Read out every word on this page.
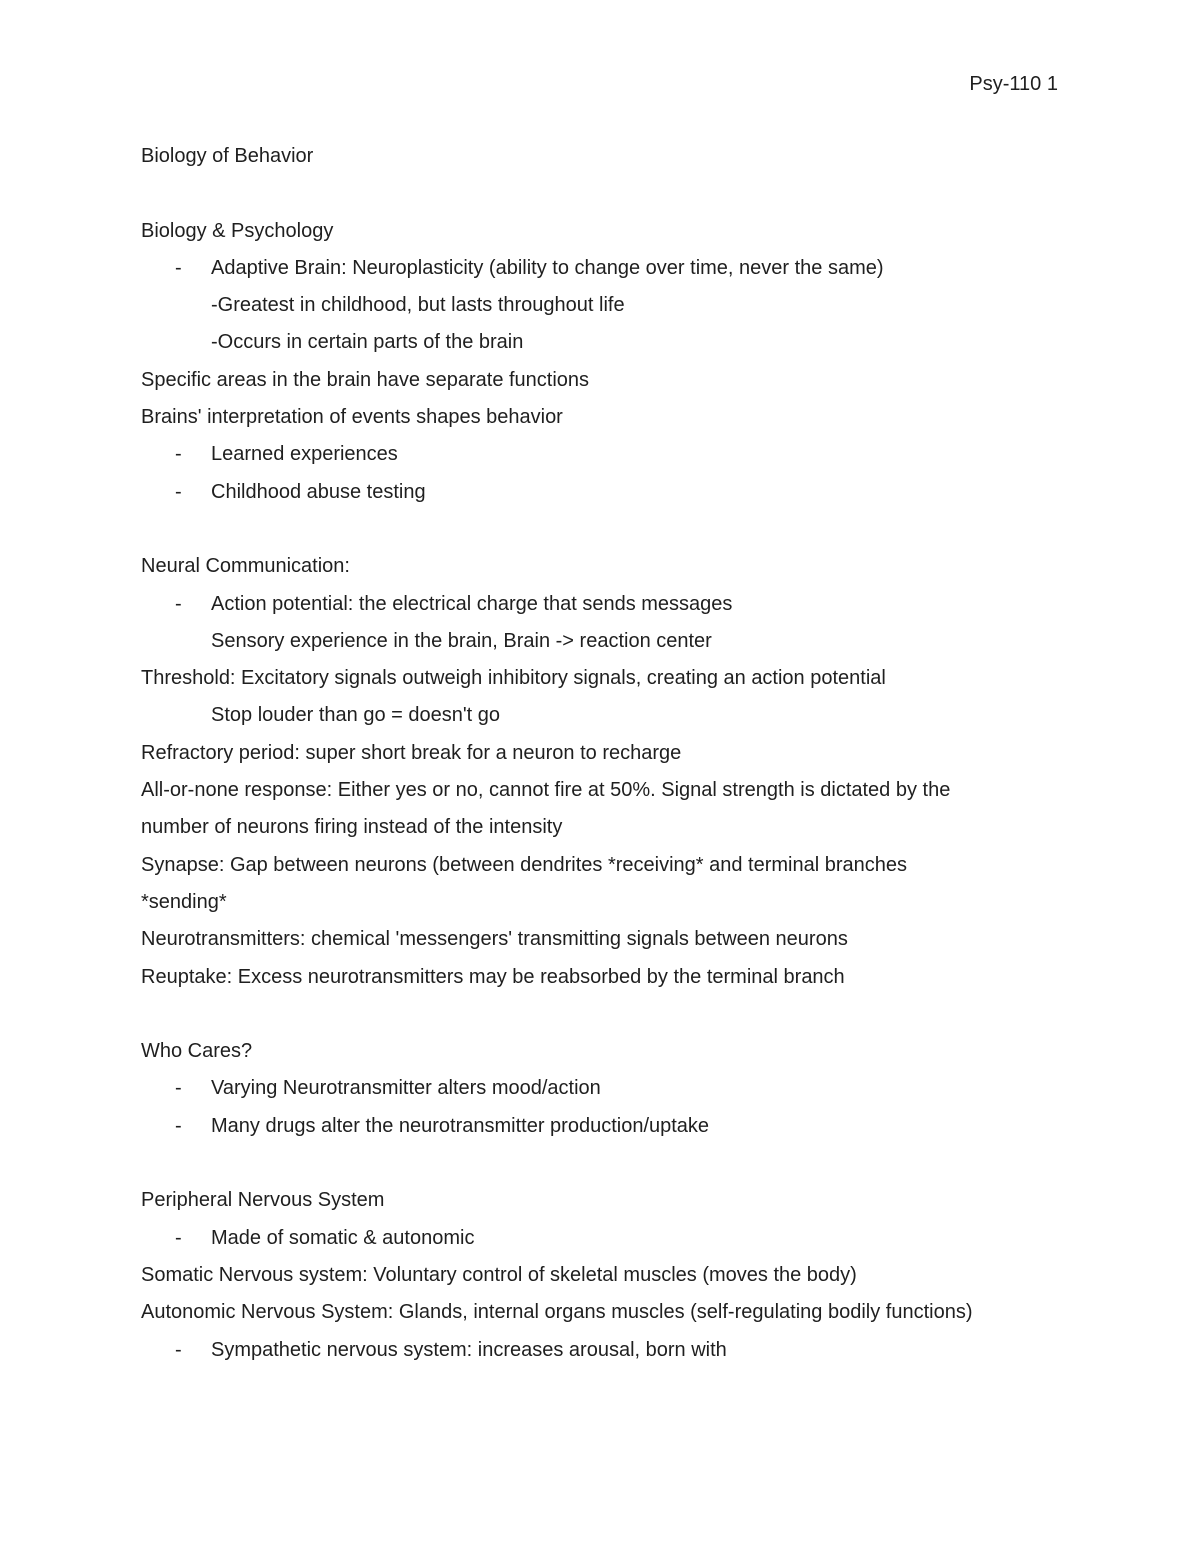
Psy-110 1
Biology of Behavior
Biology & Psychology
- Adaptive Brain: Neuroplasticity (ability to change over time, never the same)
-Greatest in childhood, but lasts throughout life
-Occurs in certain parts of the brain
Specific areas in the brain have separate functions
Brains' interpretation of events shapes behavior
- Learned experiences
- Childhood abuse testing
Neural Communication:
- Action potential: the electrical charge that sends messages
Sensory experience in the brain, Brain -> reaction center
Threshold: Excitatory signals outweigh inhibitory signals, creating an action potential
Stop louder than go = doesn't go
Refractory period: super short break for a neuron to recharge
All-or-none response: Either yes or no, cannot fire at 50%. Signal strength is dictated by the
number of neurons firing instead of the intensity
Synapse: Gap between neurons (between dendrites *receiving* and terminal branches
*sending*
Neurotransmitters: chemical 'messengers' transmitting signals between neurons
Reuptake: Excess neurotransmitters may be reabsorbed by the terminal branch
Who Cares?
- Varying Neurotransmitter alters mood/action
- Many drugs alter the neurotransmitter production/uptake
Peripheral Nervous System
- Made of somatic & autonomic
Somatic Nervous system: Voluntary control of skeletal muscles (moves the body)
Autonomic Nervous System: Glands, internal organs muscles (self-regulating bodily functions)
- Sympathetic nervous system: increases arousal, born with
